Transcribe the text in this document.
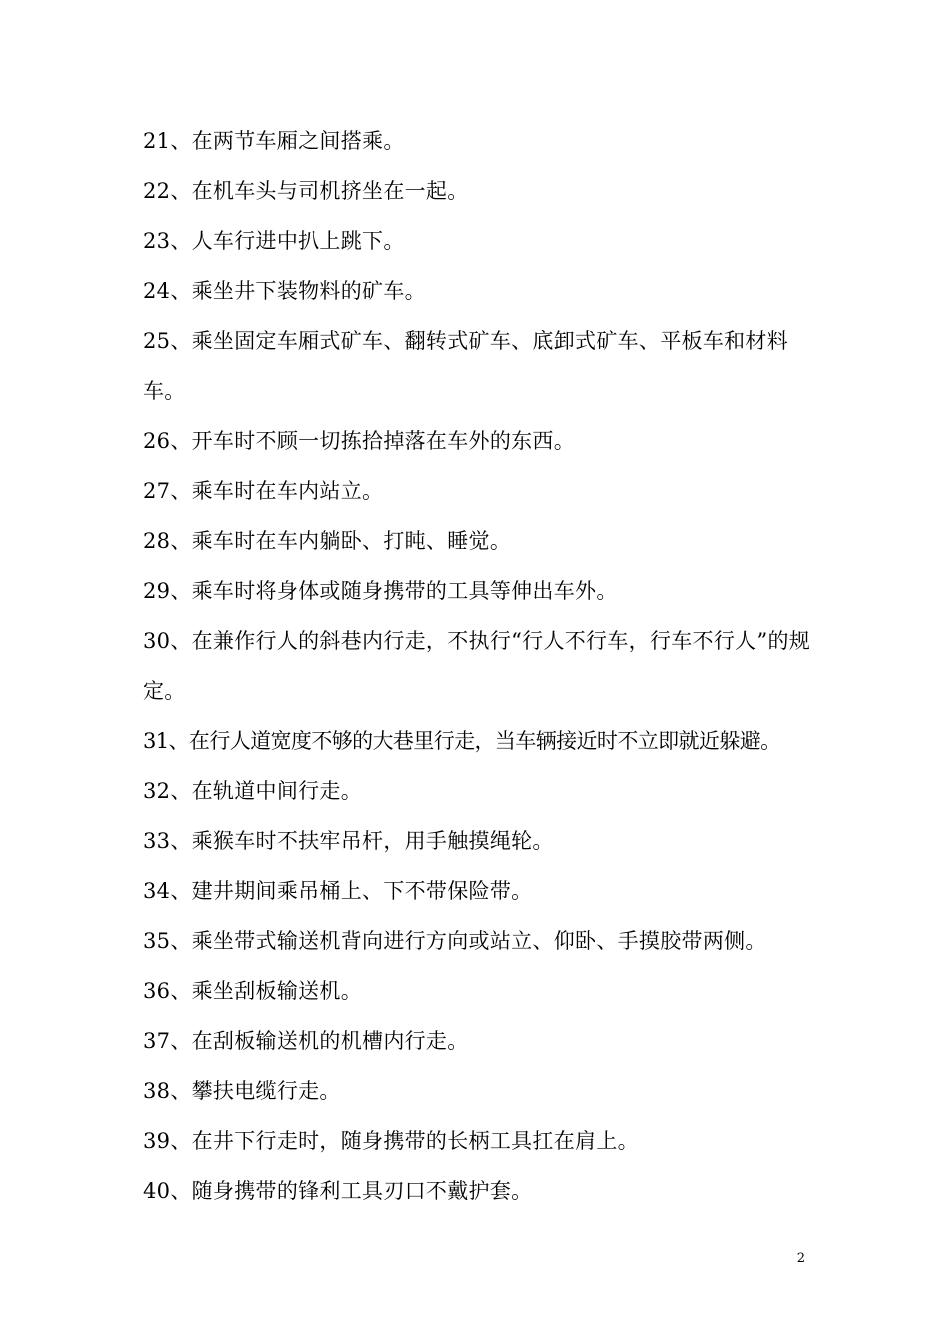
21、在两节车厢之间搭乘。

22、在机车头与司机挤坐在一起。

23、人车行进中扒上跳下。

24、乘坐井下装物料的矿车。

25、乘坐固定车厢式矿车、翻转式矿车、底卸式矿车、平板车和材料车。

26、开车时不顾一切拣拾掉落在车外的东西。

27、乘车时在车内站立。

28、乘车时在车内躺卧、打盹、睡觉。

29、乘车时将身体或随身携带的工具等伸出车外。

30、在兼作行人的斜巷内行走，不执行“行人不行车，行车不行人”的规定。

31、在行人道宽度不够的大巷里行走，当车辆接近时不立即就近躲避。

32、在轨道中间行走。

33、乘猴车时不扶牢吊杆，用手触摸绳轮。

34、建井期间乘吊桶上、下不带保险带。

35、乘坐带式输送机背向进行方向或站立、仰卧、手摸胶带两侧。

36、乘坐刮板输送机。

37、在刮板输送机的机槽内行走。

38、攀扶电缆行走。

39、在井下行走时，随身携带的长柄工具扛在肩上。

40、随身携带的锋利工具刃口不戴护套。

2
